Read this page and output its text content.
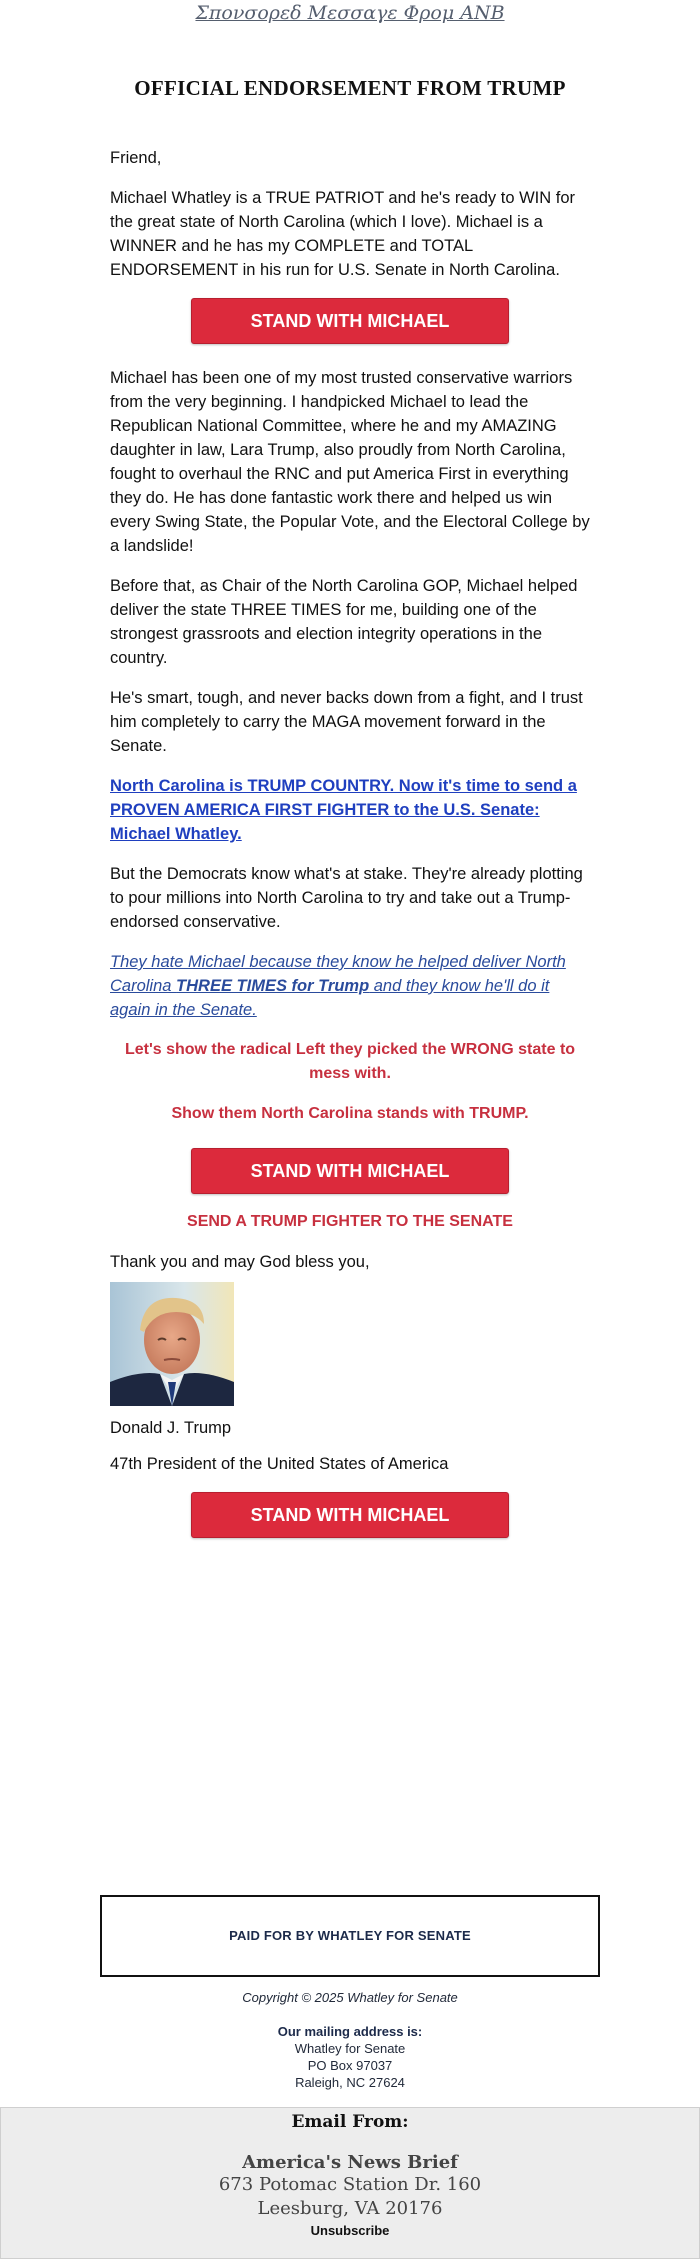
Σπονσορεδ Μεσσαγε Φρομ ΑΝΒ
OFFICIAL ENDORSEMENT FROM TRUMP

Friend,

Michael Whatley is a TRUE PATRIOT and he's ready to WIN for the great state of North Carolina (which I love). Michael is a WINNER and he has my COMPLETE and TOTAL ENDORSEMENT in his run for U.S. Senate in North Carolina.

STAND WITH MICHAEL

Michael has been one of my most trusted conservative warriors from the very beginning. I handpicked Michael to lead the Republican National Committee, where he and my AMAZING daughter in law, Lara Trump, also proudly from North Carolina, fought to overhaul the RNC and put America First in everything they do. He has done fantastic work there and helped us win every Swing State, the Popular Vote, and the Electoral College by a landslide!

Before that, as Chair of the North Carolina GOP, Michael helped deliver the state THREE TIMES for me, building one of the strongest grassroots and election integrity operations in the country.

He's smart, tough, and never backs down from a fight, and I trust him completely to carry the MAGA movement forward in the Senate.

North Carolina is TRUMP COUNTRY. Now it's time to send a PROVEN AMERICA FIRST FIGHTER to the U.S. Senate: Michael Whatley.

But the Democrats know what's at stake. They're already plotting to pour millions into North Carolina to try and take out a Trump-endorsed conservative.

They hate Michael because they know he helped deliver North Carolina THREE TIMES for Trump and they know he'll do it again in the Senate.

Let's show the radical Left they picked the WRONG state to mess with.

Show them North Carolina stands with TRUMP.

STAND WITH MICHAEL

SEND A TRUMP FIGHTER TO THE SENATE

Thank you and may God bless you,

Donald J. Trump

47th President of the United States of America

STAND WITH MICHAEL
PAID FOR BY WHATLEY FOR SENATE
Copyright © 2025 Whatley for Senate
Our mailing address is:
Whatley for Senate
PO Box 97037
Raleigh, NC 27624
Email From:
America's News Brief
673 Potomac Station Dr. 160
Leesburg, VA 20176
Unsubscribe
